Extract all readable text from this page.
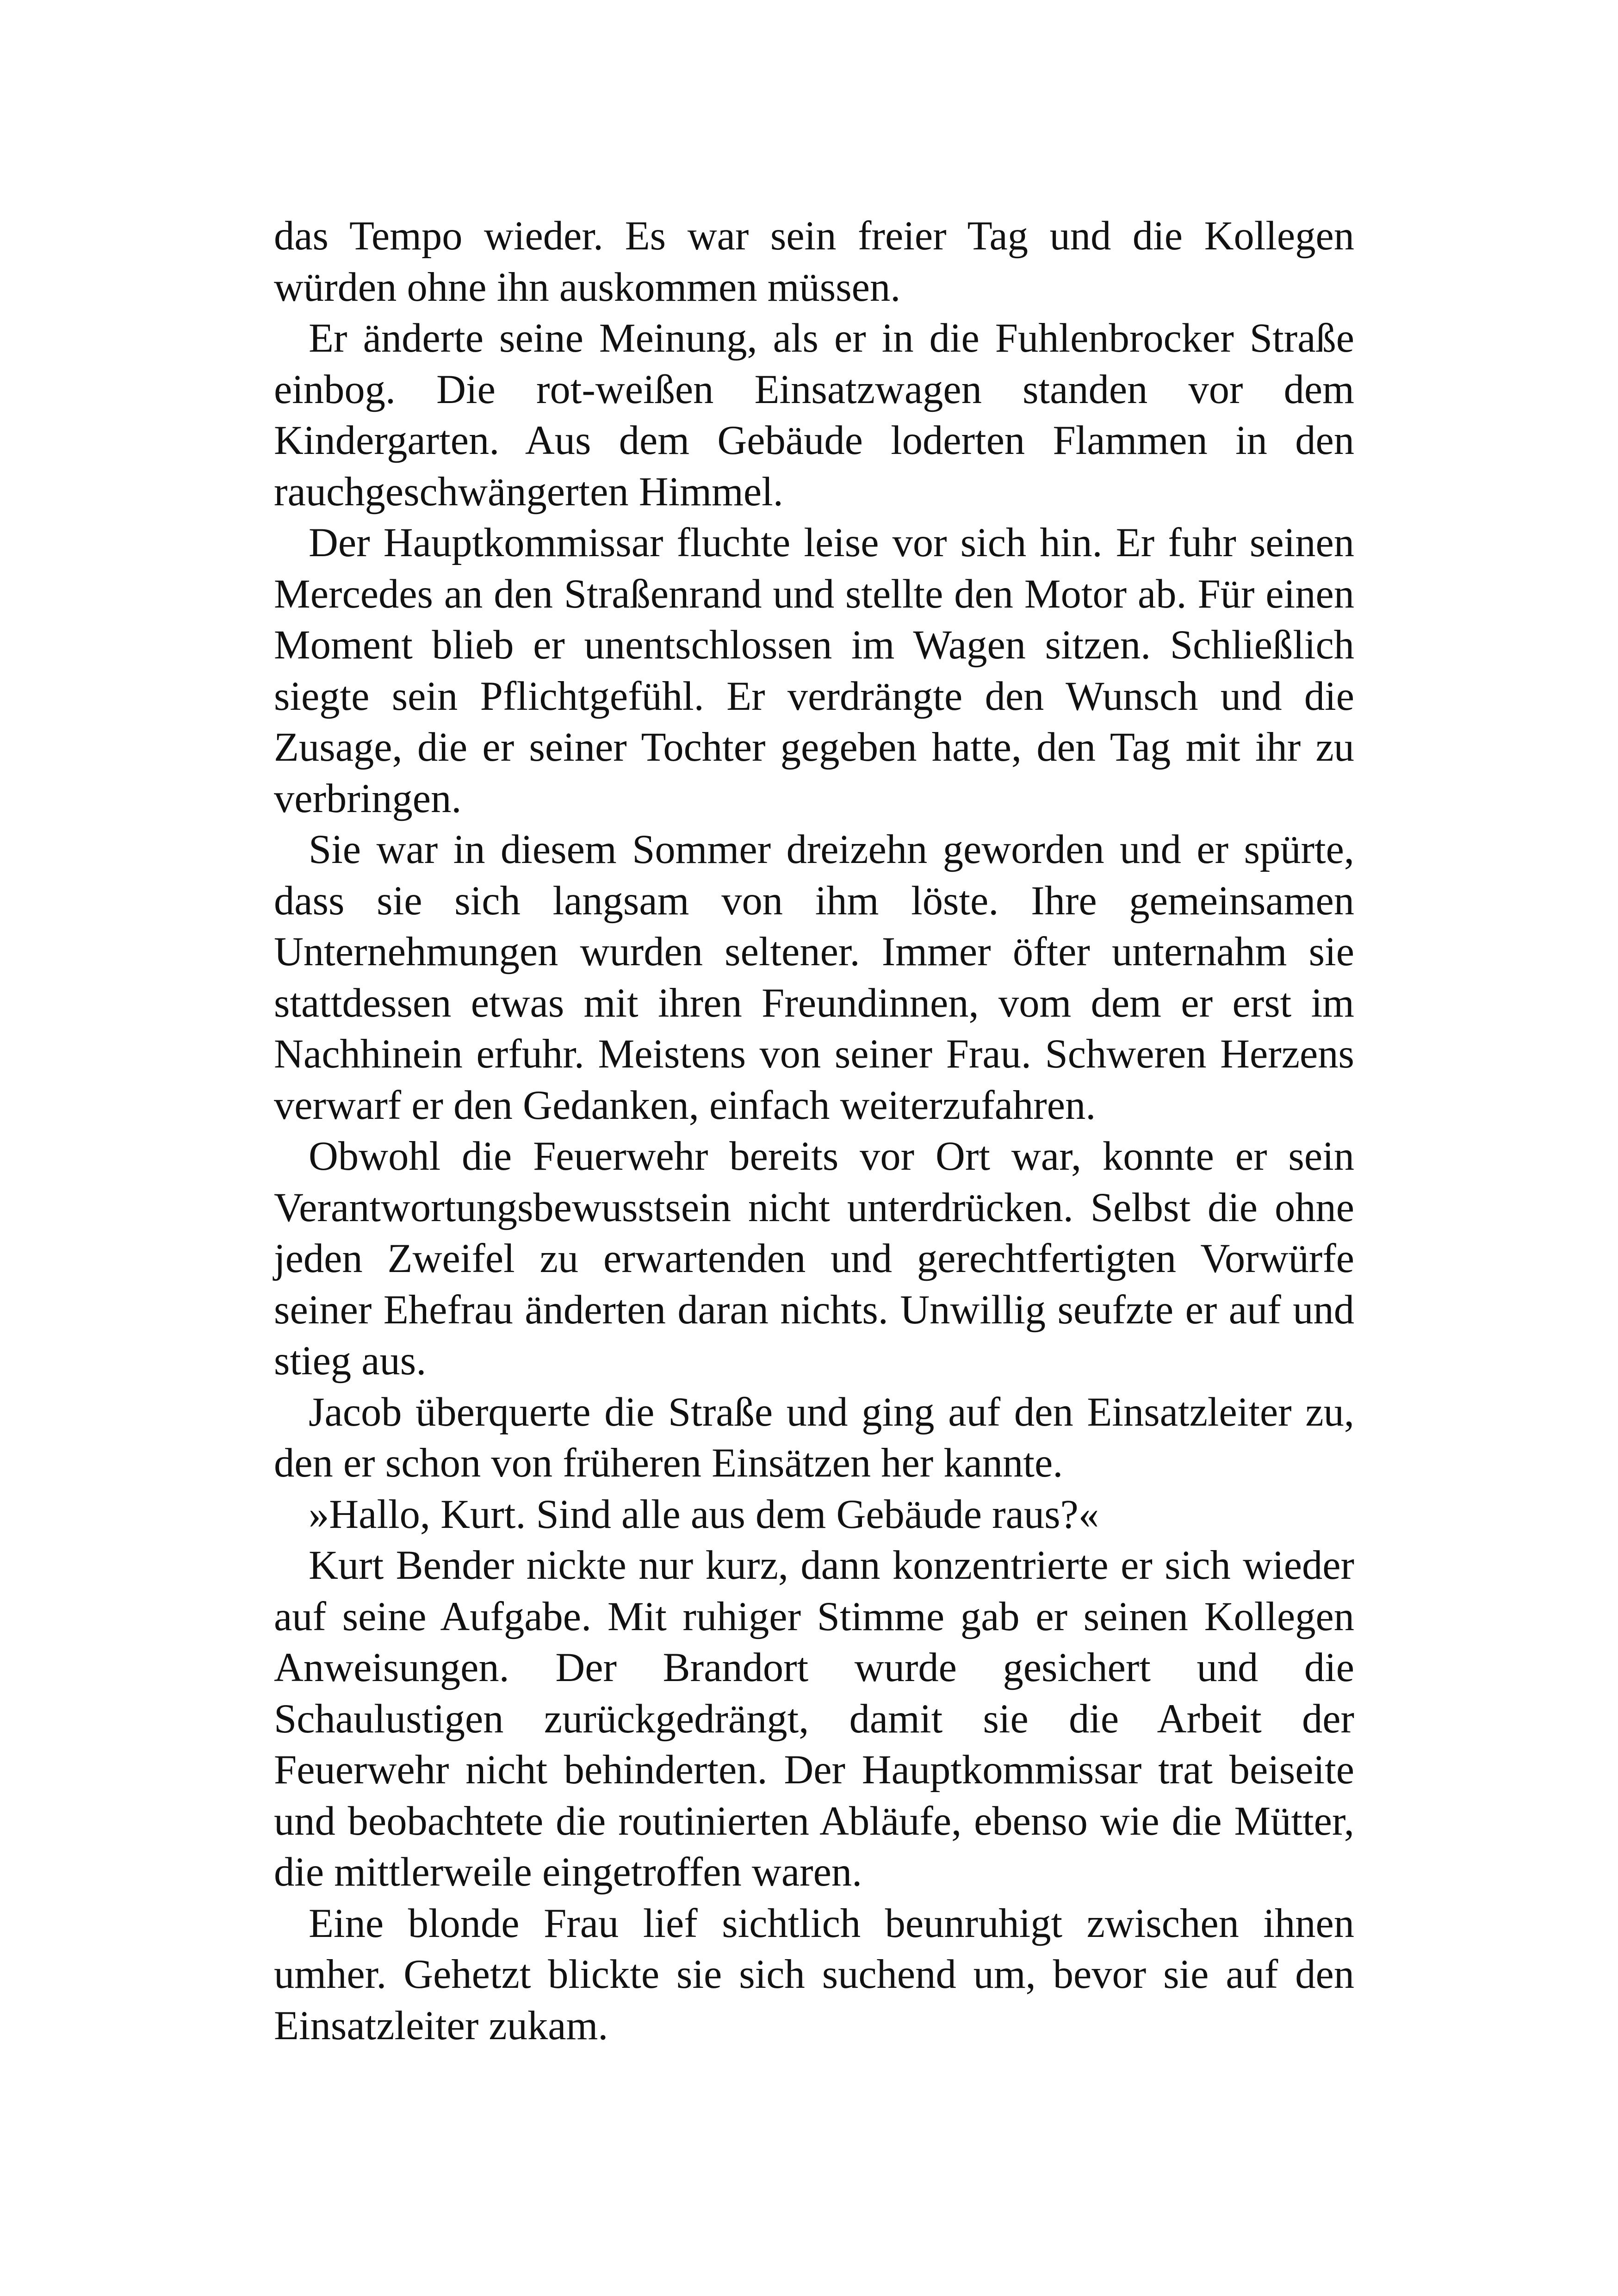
das Tempo wieder. Es war sein freier Tag und die Kollegen würden ohne ihn auskommen müssen.

Er änderte seine Meinung, als er in die Fuhlenbrocker Straße einbog. Die rot-weißen Einsatzwagen standen vor dem Kindergarten. Aus dem Gebäude loderten Flammen in den rauchgeschwängerten Himmel.

Der Hauptkommissar fluchte leise vor sich hin. Er fuhr seinen Mercedes an den Straßenrand und stellte den Motor ab. Für einen Moment blieb er unentschlossen im Wagen sitzen. Schließlich siegte sein Pflichtgefühl. Er verdrängte den Wunsch und die Zusage, die er seiner Tochter gegeben hatte, den Tag mit ihr zu verbringen.

Sie war in diesem Sommer dreizehn geworden und er spürte, dass sie sich langsam von ihm löste. Ihre gemeinsamen Unternehmungen wurden seltener. Immer öfter unternahm sie stattdessen etwas mit ihren Freundinnen, vom dem er erst im Nachhinein erfuhr. Meistens von seiner Frau. Schweren Herzens verwarf er den Gedanken, einfach weiterzufahren.

Obwohl die Feuerwehr bereits vor Ort war, konnte er sein Verantwortungsbewusstsein nicht unterdrücken. Selbst die ohne jeden Zweifel zu erwartenden und gerechtfertigten Vorwürfe seiner Ehefrau änderten daran nichts. Unwillig seufzte er auf und stieg aus.

Jacob überquerte die Straße und ging auf den Einsatzleiter zu, den er schon von früheren Einsätzen her kannte.

»Hallo, Kurt. Sind alle aus dem Gebäude raus?«

Kurt Bender nickte nur kurz, dann konzentrierte er sich wieder auf seine Aufgabe. Mit ruhiger Stimme gab er seinen Kollegen Anweisungen. Der Brandort wurde gesichert und die Schaulustigen zurückgedrängt, damit sie die Arbeit der Feuerwehr nicht behinderten. Der Hauptkommissar trat beiseite und beobachtete die routinierten Abläufe, ebenso wie die Mütter, die mittlerweile eingetroffen waren.

Eine blonde Frau lief sichtlich beunruhigt zwischen ihnen umher. Gehetzt blickte sie sich suchend um, bevor sie auf den Einsatzleiter zukam.
